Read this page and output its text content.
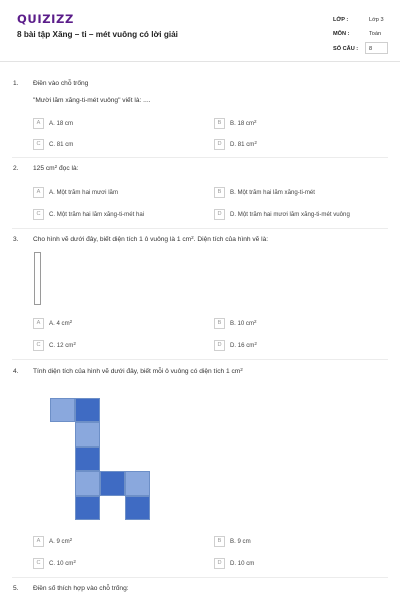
QUIZIZZ
8 bài tập Xăng – ti – mét vuông có lời giải
LỚP :	Lớp 3
MÔN :	Toán
SỐ CÂU : 8
1. Điền vào chỗ trống
"Mười lăm xăng-ti-mét vuông" viết là: ....
A	A. 18 cm	B	B. 18 $cm^2$
C	C. 81 cm	D	D. 81 $cm^2$
2. 125 $cm^2$ đọc là:
A	A. Một trăm hai mươi lăm	B	B. Một trăm hai lăm xăng-ti-mét
C	C. Một trăm hai lăm xăng-ti-mét hai	D	D. Một trăm hai mươi lăm xăng-ti-mét vuông
3. Cho hình vẽ dưới đây, biết diện tích 1 ô vuông là 1 $cm^2$. Diện tích của hình vẽ là:
A	A. 4 $cm^2$	B	B. 10 $cm^2$
C	C. 12 $cm^2$	D	D. 16 $cm^2$
4. Tính diện tích của hình vẽ dưới đây, biết mỗi ô vuông có diện tích 1 $cm^2$
A	A. 9 $cm^2$	B	B. 9 cm
C	C. 10 $cm^2$	D	D. 10 cm
5. Điền số thích hợp vào chỗ trống:
